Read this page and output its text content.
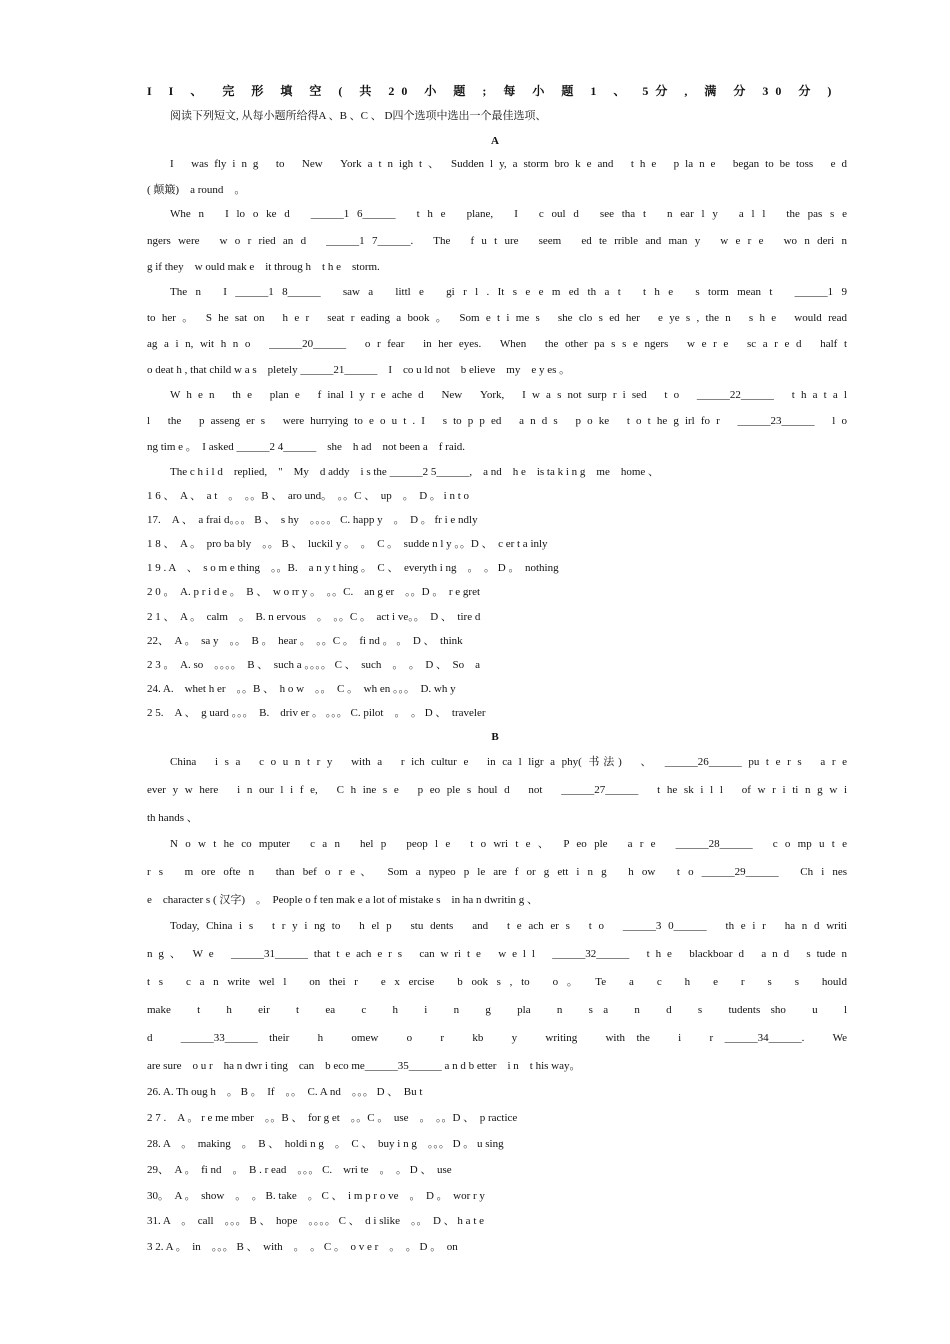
I I 、　完 形 填 空 ( 共 20 小 题 ; 每 小 题 1 、 5分 , 满 分 30 分 )
阅读下列短文, 从每小题所给得A 、B 、C 、 D四个选项中选出一个最佳选项、
A
I　was fly i n g　to　New　York a t n igh t 、　Sudden l y, a storm bro k e and　t h e　p la n e　began to be toss　e d
( 颠簸)　a round　。
Whe n　I lo o ke d　______1 6______　t h e　plane,　I　c oul d　see tha t　n ear l y　a l l　the pas s e
ngers were　w o r ried an d　______1 7______.　The　f u t ure　seem　ed te rrible and man y　w e r e　wo n deri n
g if they　w ould mak e　it throug h　t h e　storm.
The n　I ______1 8______　saw a　littl e　gi r l . It s e e m ed th a t　t h e　s torm mean t　______1 9
to her 。　S he sat on　h e r　seat r eading a book 。　Som e t i me s　she clo s ed her　e ye s , the n　s h e　would read
ag a i n, wit h n o　______20______　o r fear　in her eyes.　When　the other pa s s e ngers　w e r e　sc a r e d　half t
o deat h , that child w a s　pletely ______21______　I　co u ld not　b elieve　my　e y es 。
W h e n　th e　plan e　f inal l y r e ache d　New　York,　I w a s not surp r i sed　t o　______22______　t h a t a l
l　the　p asseng er s　were hurrying to e o u t . I　s to p p ed　a n d s　p o ke　t o t he g irl fo r　______23______　l o
ng tim e 。　I asked ______2 4______　she　h ad　not been a　f raid.
The c h i l d　replied,　"　My　d addy　i s the ______2 5______,　a nd　h e　is ta k i n g　me　home 、
1 6 、　A 、　a t　。　。。B 、　aro und。　。。C 、　up　。　D 。 i n t o
17.　A 、　a frai d。。。 B 、　s hy　。。。。 C. happ y　。　D 。 fr i e ndly
1 8 、　A 。　pro ba bly　。。 B 、　luckil y 。　。　C 。　sudde n l y 。。D 、　c er t a inly
1 9 . A　、　s o m e thing　。。B.　a n y t hing 。　C 、　everyth i ng　。　。 D 。　nothing
2 0 。　A. p r i d e 。　B 、　w o rr y 。　。。C.　an g er　。。D 。　r e gret
2 1 、　A 。　calm　。　B. n ervous　。　。。C 。　act i ve。。　D 、　tire d
22、　A 。　sa y　。。　B 。　hear 。　。。C 。　fi nd 。 。　D 、　think
2 3 。　A. so　。。。。　B 、　such a 。。。。 C 、　such　。　。　D 、　So　a
24. A.　whet h er　。。B 、　h o w　。。　C 。　wh en 。。。　D. wh y
2 5.　A 、　g uard 。。。　B.　driv er 。 。。。 C. pilot　。　。 D 、　traveler
B
China　i s a　c o u n t r y　with a　r ich cultur e　in ca l ligr a phy( 书法)　、　______26______ pu t e r s　a r e
ever y w here　i n our l i f e,　C h ine s e　p eo ple s houl d　not　______27______　t he sk i l l　of w r i ti n g w i
th hands 、
N o w t he co mputer　c a n　hel p　peop l e　t o wri t e 、　P eo ple　a r e　______28______　c o mp u t e
r s　m ore ofte n　than bef o r e、　Som a nypeo p le are f or g ett i n g　h ow　t o ______29______　Ch i nes
e　character s ( 汉字)　。　People o f ten mak e a lot of mistake s　in ha n dwritin g 、
Today, China i s　t r y i ng to　h el p　stu dents　and　t e ach er s　t o　______3 0______　th e i r　ha n d writi
n g 、　W e　______31______ that t e ach e r s　can w ri t e　w e l l　______32______　t h e　blackboar d　a n d　s tude n
t s　c a n write wel l　on thei r　e x ercise　b ook s , to　o 。　Te　a　c　h　e　r　s　s　hould
make　t　h　eir　t　ea　c　h　i　n　g　pla　n　s a　n　d　s　tudents sho　u　l
d　______33______ their　h　omew　o　r　kb　y　writing　with the　i　r ______34______.　We
are sure　o u r　ha n dwr i ting　can　b eco me______35______ a n d b etter　i n　t his way。
26. A. Th oug h　。 B 。　If　。。　C. A nd　。。。 D 、　Bu t
2 7 .　A 。 r e me mber　。。B 、　for g et　。。C 。　use　。　。。D 、　p ractice
28. A　。　making　。　B 、　holdi n g　。　C 、　buy i n g　。。。 D 。 u sing
29、　A 。　fi nd　。　B . r ead　。。。 C.　wri te　。　。 D 、　use
30。　A 。　show　。　。 B. take　。 C 、　i m p r o ve　。　D 。　wor r y
31. A　。　call　。。。 B 、　hope　。。。。 C 、　d i slike　。。　D 、 h a t e
3 2. A 。　in　。。。 B 、　with　。　。 C 。　o v e r　。　。 D 。　on
